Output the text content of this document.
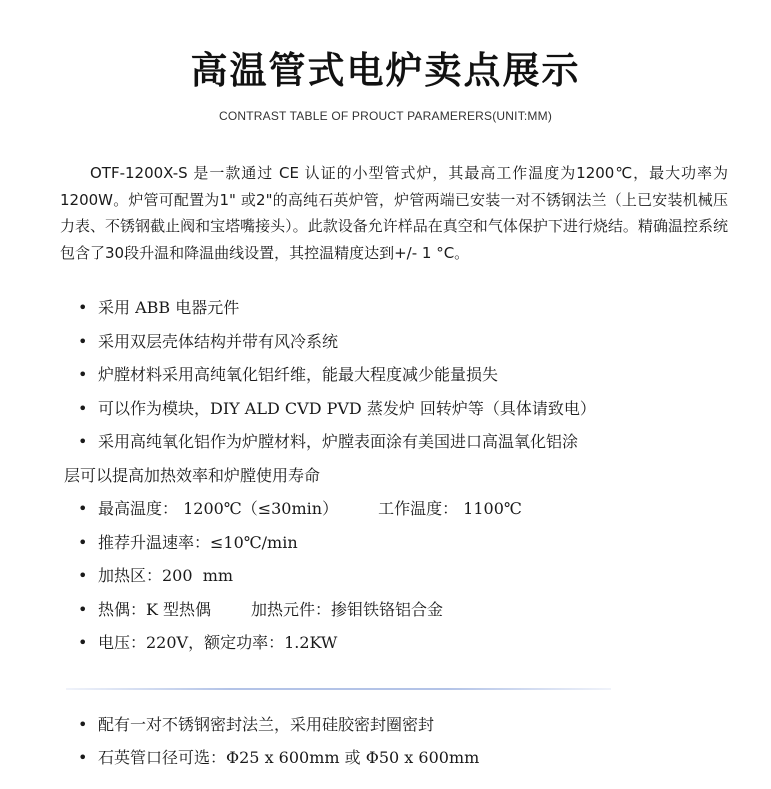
高温管式电炉卖点展示
CONTRAST TABLE OF PROUCT PARAMERERS(UNIT:MM)

OTF-1200X-S 是一款通过 CE 认证的小型管式炉，其最高工作温度为1200℃，最大功率为1200W。炉管可配置为1" 或2"的高纯石英炉管，炉管两端已安装一对不锈钢法兰（上已安装机械压力表、不锈钢截止阀和宝塔嘴接头）。此款设备允许样品在真空和气体保护下进行烧结。精确温控系统包含了30段升温和降温曲线设置，其控温精度达到+/- 1 °C。

• 采用 ABB 电器元件
• 采用双层壳体结构并带有风冷系统
• 炉膛材料采用高纯氧化铝纤维，能最大程度减少能量损失
• 可以作为模块，DIY ALD CVD PVD 蒸发炉 回转炉等（具体请致电）
• 采用高纯氧化铝作为炉膛材料，炉膛表面涂有美国进口高温氧化铝涂
层可以提高加热效率和炉膛使用寿命
• 最高温度： 1200℃（≤30min）	工作温度： 1100℃
• 推荐升温速率：≤10℃/min
• 加热区：200  mm
• 热偶：K 型热偶	加热元件：掺钼铁铬铝合金
• 电压：220V，额定功率：1.2KW
• 配有一对不锈钢密封法兰，采用硅胶密封圈密封
• 石英管口径可选：Φ25 x 600mm 或 Φ50 x 600mm
